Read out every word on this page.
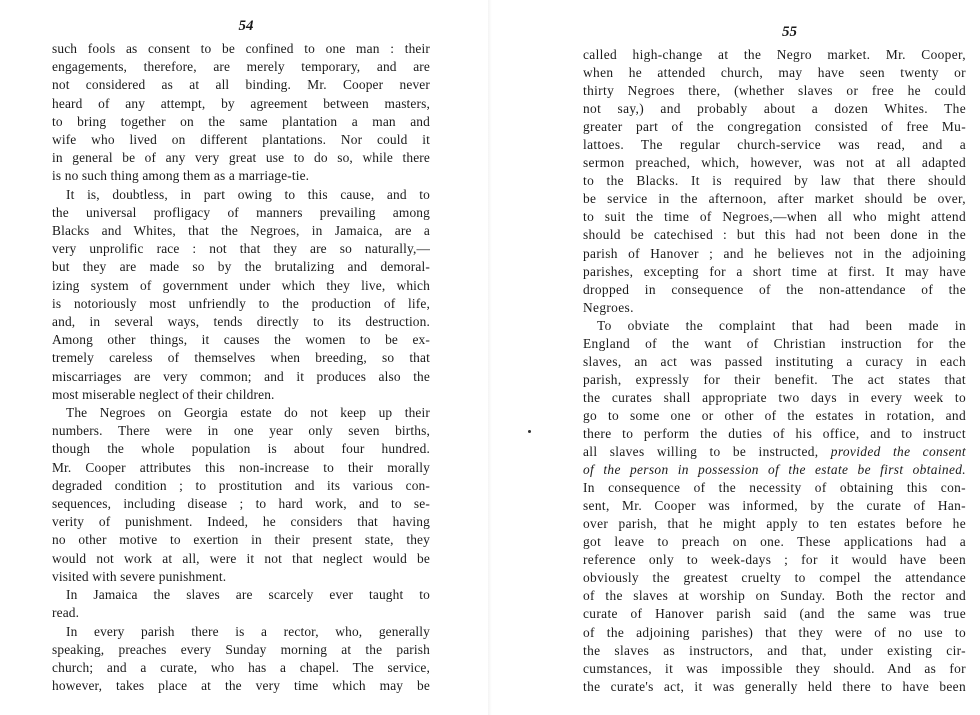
54
such fools as consent to be confined to one man : their
engagements, therefore, are merely temporary, and are
not considered as at all binding. Mr. Cooper never
heard of any attempt, by agreement between masters,
to bring together on the same plantation a man and
wife who lived on different plantations. Nor could it
in general be of any very great use to do so, while there
is no such thing among them as a marriage-tie.
It is, doubtless, in part owing to this cause, and to
the universal profligacy of manners prevailing among
Blacks and Whites, that the Negroes, in Jamaica, are a
very unprolific race : not that they are so naturally,—
but they are made so by the brutalizing and demoral-
izing system of government under which they live, which
is notoriously most unfriendly to the production of life,
and, in several ways, tends directly to its destruction.
Among other things, it causes the women to be ex-
tremely careless of themselves when breeding, so that
miscarriages are very common; and it produces also the
most miserable neglect of their children.
The Negroes on Georgia estate do not keep up their
numbers. There were in one year only seven births,
though the whole population is about four hundred.
Mr. Cooper attributes this non-increase to their morally
degraded condition ; to prostitution and its various con-
sequences, including disease ; to hard work, and to se-
verity of punishment. Indeed, he considers that having
no other motive to exertion in their present state, they
would not work at all, were it not that neglect would be
visited with severe punishment.
In Jamaica the slaves are scarcely ever taught to
read.
In every parish there is a rector, who, generally
speaking, preaches every Sunday morning at the parish
church; and a curate, who has a chapel. The service,
however, takes place at the very time which may be
55
called high-change at the Negro market. Mr. Cooper,
when he attended church, may have seen twenty or
thirty Negroes there, (whether slaves or free he could
not say,) and probably about a dozen Whites. The
greater part of the congregation consisted of free Mu-
lattoes. The regular church-service was read, and a
sermon preached, which, however, was not at all adapted
to the Blacks. It is required by law that there should
be service in the afternoon, after market should be over,
to suit the time of Negroes,—when all who might attend
should be catechised : but this had not been done in the
parish of Hanover ; and he believes not in the adjoining
parishes, excepting for a short time at first. It may have
dropped in consequence of the non-attendance of the
Negroes.
To obviate the complaint that had been made in
England of the want of Christian instruction for the
slaves, an act was passed instituting a curacy in each
parish, expressly for their benefit. The act states that
the curates shall appropriate two days in every week to
go to some one or other of the estates in rotation, and
there to perform the duties of his office, and to instruct
all slaves willing to be instructed, provided the consent
of the person in possession of the estate be first obtained.
In consequence of the necessity of obtaining this con-
sent, Mr. Cooper was informed, by the curate of Han-
over parish, that he might apply to ten estates before he
got leave to preach on one. These applications had a
reference only to week-days ; for it would have been
obviously the greatest cruelty to compel the attendance
of the slaves at worship on Sunday. Both the rector and
curate of Hanover parish said (and the same was true
of the adjoining parishes) that they were of no use to
the slaves as instructors, and that, under existing cir-
cumstances, it was impossible they should. And as for
the curate's act, it was generally held there to have been
